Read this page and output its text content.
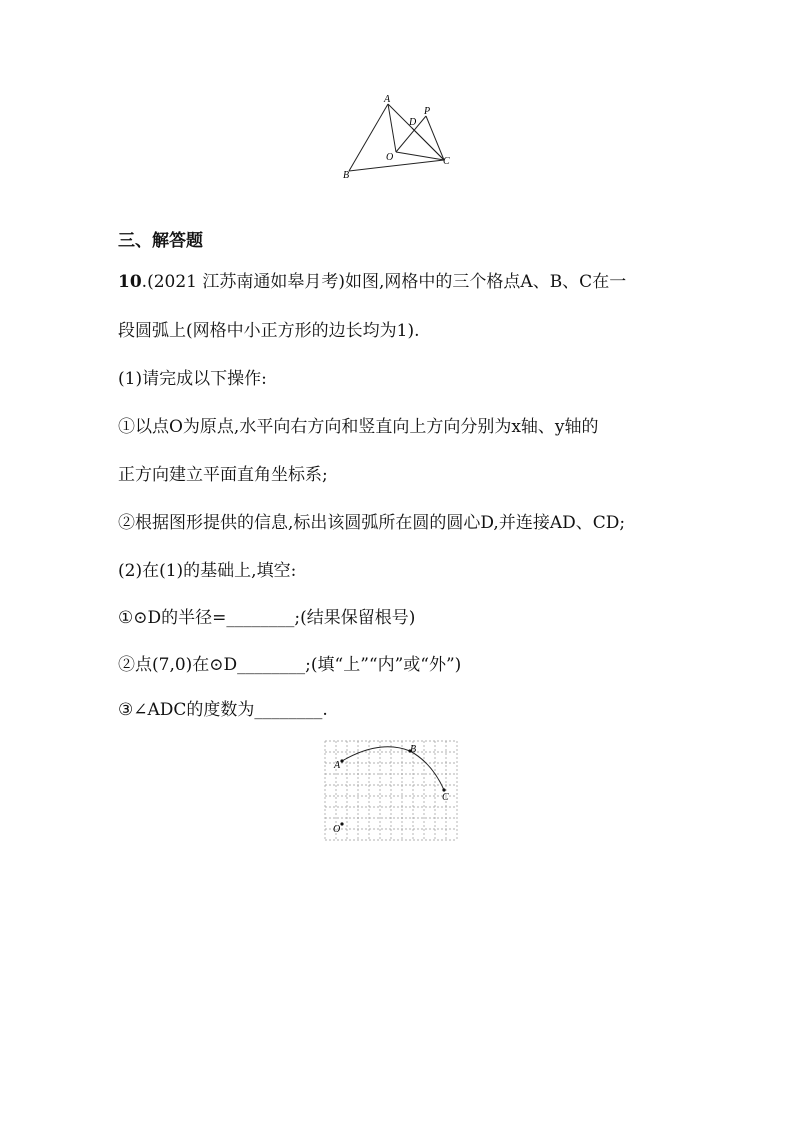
A
P
D
O	C
B
三、解答题
10.(2021 江苏南通如皋月考)如图,网格中的三个格点A、B、C在一
段圆弧上(网格中小正方形的边长均为1).
(1)请完成以下操作:
①以点O为原点,水平向右方向和竖直向上方向分别为x轴、y轴的
正方向建立平面直角坐标系;
②根据图形提供的信息,标出该圆弧所在圆的圆心D,并连接AD、CD;
(2)在(1)的基础上,填空:
①⊙D的半径=________;(结果保留根号)
②点(7,0)在⊙D________;(填“上”“内”或“外”)
③∠ADC的度数为________.
A
B
C
O
